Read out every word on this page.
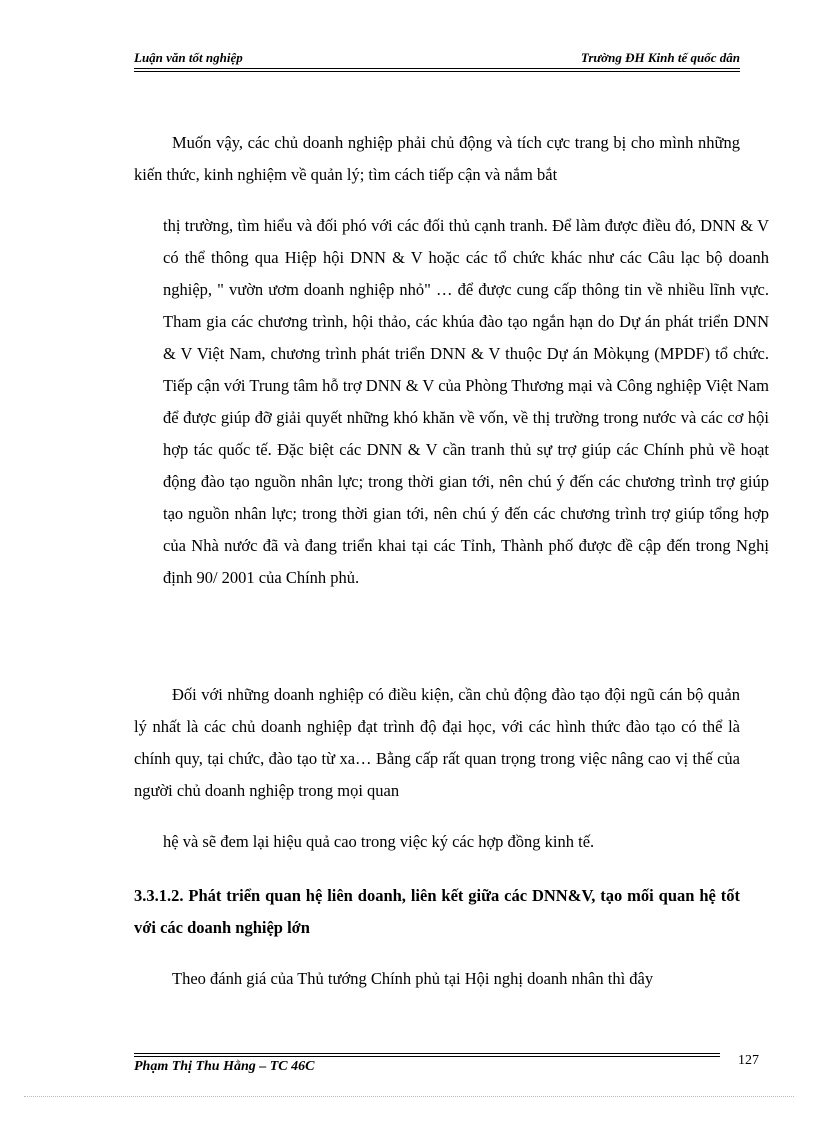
Luận văn tốt nghiệp	Trường ĐH Kinh tế quốc dân

Muốn vậy, các chủ doanh nghiệp phải chủ động và tích cực trang bị cho mình những kiến thức, kinh nghiệm về quản lý; tìm cách tiếp cận và nắm bắt

thị trường, tìm hiểu và đối phó với các đối thủ cạnh tranh. Để làm được điều đó, DNN & V có thể thông qua Hiệp hội DNN & V hoặc các tổ chức khác như các Câu lạc bộ doanh nghiệp, " vườn ươm doanh nghiệp nhỏ" … để được cung cấp thông tin về nhiều lĩnh vực. Tham gia các chương trình, hội thảo, các khúa đào tạo ngắn hạn do Dự án phát triển DNN & V Việt Nam, chương trình phát triển DNN & V thuộc Dự án Mòkụng (MPDF) tổ chức. Tiếp cận với Trung tâm hỗ trợ DNN & V của Phòng Thương mại và Công nghiệp Việt Nam để được giúp đỡ giải quyết những khó khăn về vốn, về thị trường trong nước và các cơ hội hợp tác quốc tế. Đặc biệt các DNN & V cần tranh thủ sự trợ giúp các Chính phủ về hoạt động đào tạo nguồn nhân lực; trong thời gian tới, nên chú ý đến các chương trình trợ giúp tạo nguồn nhân lực; trong thời gian tới, nên chú ý đến các chương trình trợ giúp tổng hợp của Nhà nước đã và đang triển khai tại các Tỉnh, Thành phố được đề cập đến trong Nghị định 90/ 2001 của Chính phủ.

Đối với những doanh nghiệp có điều kiện, cần chủ động đào tạo đội ngũ cán bộ quản lý nhất là các chủ doanh nghiệp đạt trình độ đại học, với các hình thức đào tạo có thể là chính quy, tại chức, đào tạo từ xa… Bằng cấp rất quan trọng trong việc nâng cao vị thế của người chủ doanh nghiệp trong mọi quan

hệ và sẽ đem lại hiệu quả cao trong việc ký các hợp đồng kinh tế.

3.3.1.2. Phát triển quan hệ liên doanh, liên kết giữa các DNN&V, tạo mối quan hệ tốt với các doanh nghiệp lớn

Theo đánh giá của Thủ tướng Chính phủ tại Hội nghị doanh nhân thì đây

Phạm Thị Thu Hằng – TC 46C	127
